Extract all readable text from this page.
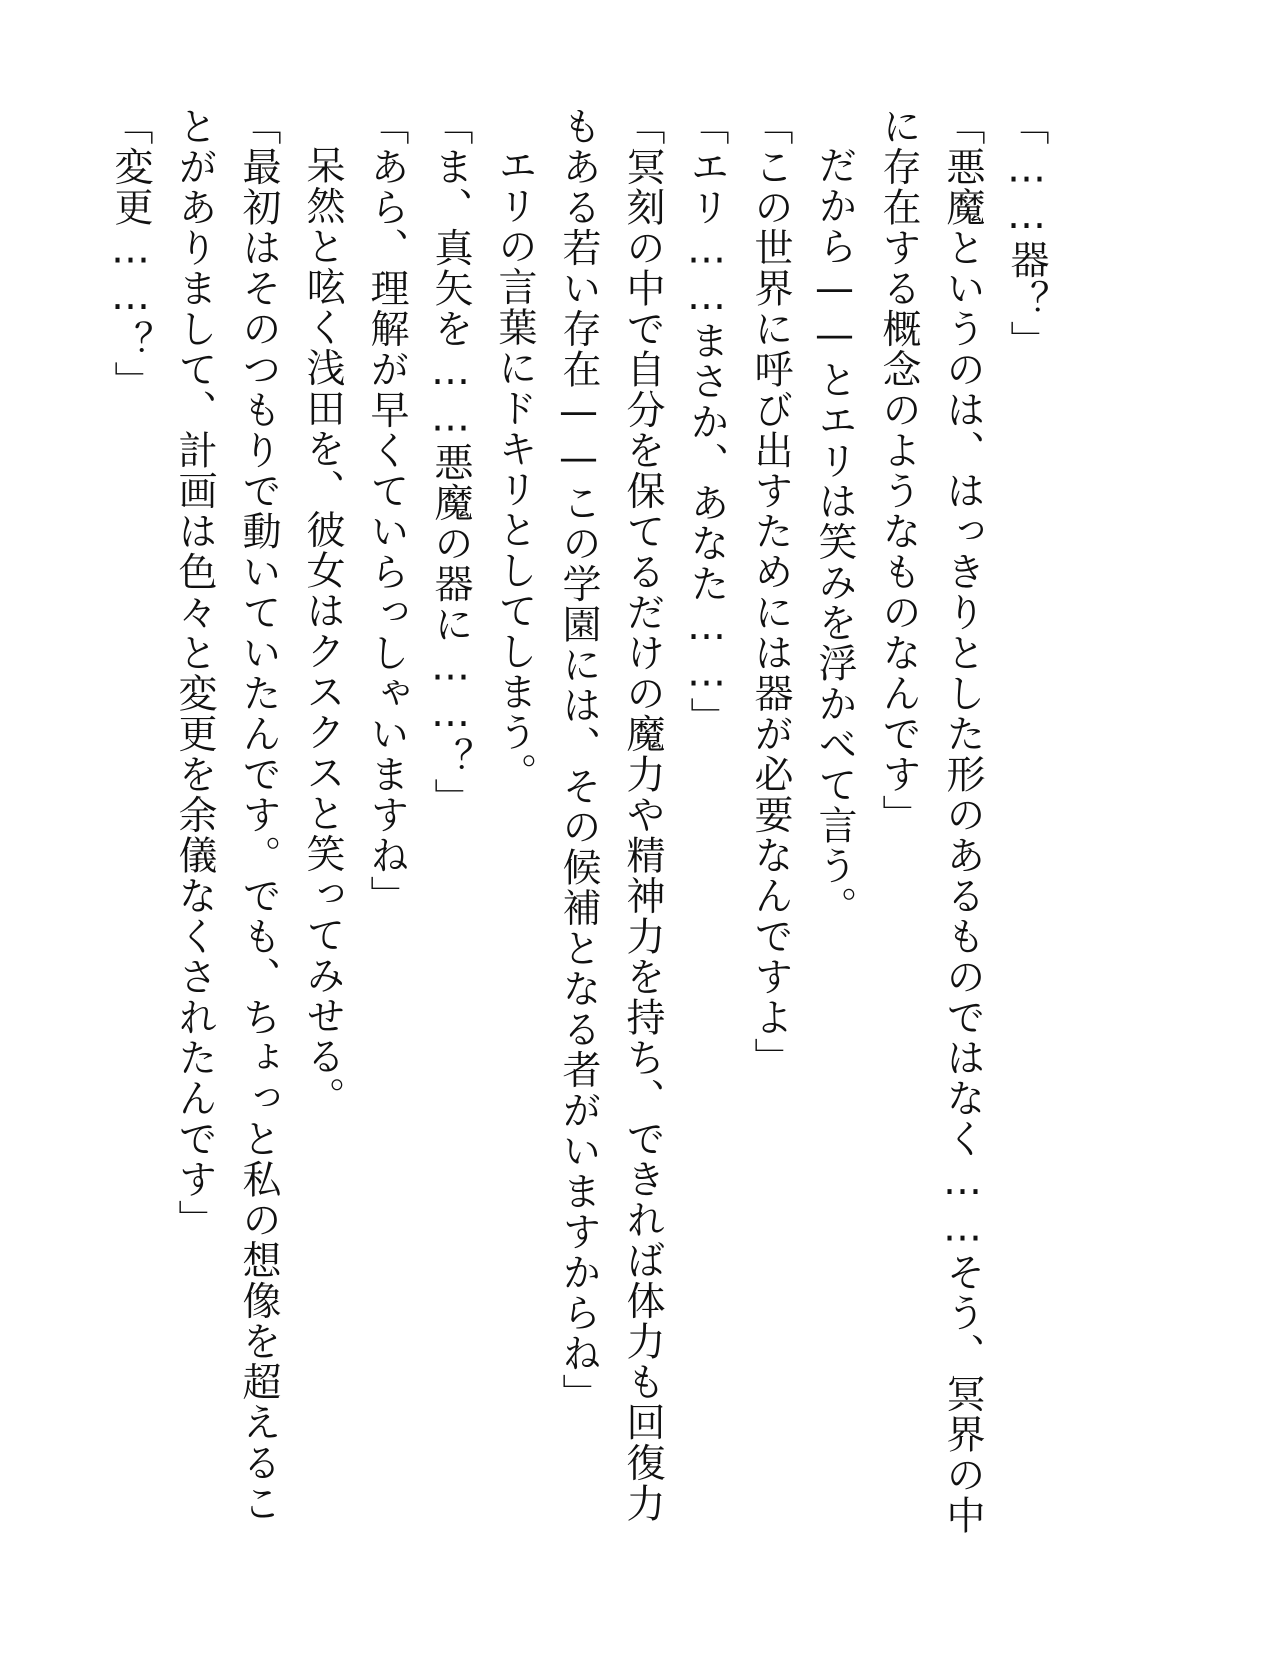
「……器？」
「悪魔というのは、はっきりとした形のあるものではなく……そう、冥界の中
に存在する概念のようなものなんです」
だから——とエリは笑みを浮かべて言う。
「この世界に呼び出すためには器が必要なんですよ」
「エリ……まさか、あなた……」
「冥刻の中で自分を保てるだけの魔力や精神力を持ち、できれば体力も回復力
もある若い存在——この学園には、その候補となる者がいますからね」
エリの言葉にドキリとしてしまう。
「ま、真矢を……悪魔の器に……？」
「あら、理解が早くていらっしゃいますね」
呆然と呟く浅田を、彼女はクスクスと笑ってみせる。
「最初はそのつもりで動いていたんです。でも、ちょっと私の想像を超えるこ
とがありまして、計画は色々と変更を余儀なくされたんです」
「変更……？」
